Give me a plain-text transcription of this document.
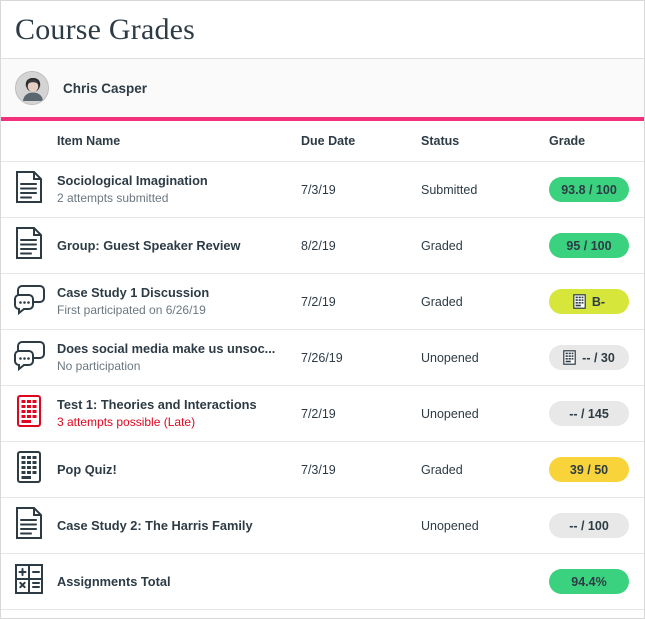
Course Grades
Chris Casper
	Item Name	Due Date	Status	Grade

Sociological Imagination
2 attempts submitted	7/3/19	Submitted	93.8 / 100

Group: Guest Speaker Review	8/2/19	Graded	95 / 100

Case Study 1 Discussion
First participated on 6/26/19	7/2/19	Graded	B-

Does social media make us unsoc...
No participation	7/26/19	Unopened	-- / 30

Test 1: Theories and Interactions
3 attempts possible (Late)	7/2/19	Unopened	-- / 145

Pop Quiz!	7/3/19	Graded	39 / 50

Case Study 2: The Harris Family		Unopened	-- / 100

Assignments Total			94.4%
